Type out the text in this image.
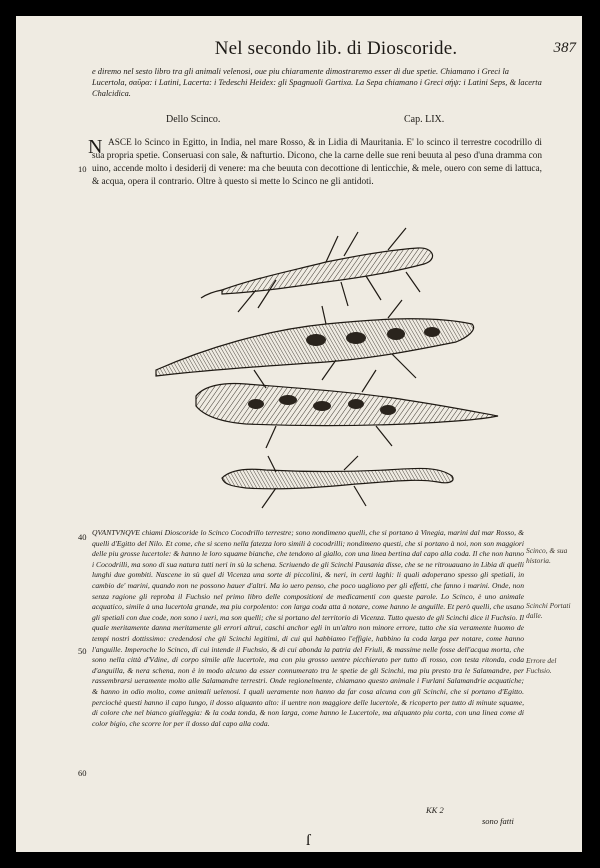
Nel secondo lib. di Dioscoride.	387

e diremo nel sesto libro tra gli animali velenosi, oue piu chiaramente dimostraremo esser di due spetie. Chiamano i Greci la Lucertola, σαῦρα: i Latini, Lacerta: i Tedeschi Heidex: gli Spagnuoli Gartixa. La Sepa chiamano i Greci σήψ: i Latini Seps, & lacerta Chalcidica.

Dello Scinco.	Cap. LIX.
10
N ASCE lo Scinco in Egitto, in India, nel mare Rosso, & in Lidia di Mauritania. E' lo scinco il terrestre cocodrillo di sua propria spetie. Conseruasi con sale, & nafturtio. Dicono, che la carne delle sue reni beuuta al peso d'una dramma con uino, accende molto i desiderij di venere: ma che beuuta con decottione di lenticchie, & mele, ouero con seme di lattuca, & acqua, opera il contrario. Oltre à questo si mette lo Scinco ne gli antidoti.

40
50
60

QVANTVNQVE chiami Dioscoride lo Scinco Cocodrillo terrestre; sono nondimeno quelli, che si portano à Vinegia, marini dal mar Rosso, & quelli d'Egitto del Nilo. Et come, che si sceno nella fatezza loro simili à cocodrilli; nondimeno questi, che si portano à noi, non son maggiori delle piu grosse lucertole: & hanno le loro squame bianche, che tendono al giallo, con una linea bertina dal capo alla coda. Il che non hanno i Cocodrilli, ma sono di sua natura tutti neri in sù la schena. Scriuendo de gli Scinchi Pausania disse, che se ne ritrouauano in Libia di quelli lunghi due gombiti. Nascene in sù quel di Vicenza una sorte di piccolini, & neri, in certi laghi: li quali adoperano spesso gli spetiali, in cambio de' marini, quando non ne possono hauer d'altri. Ma io uero penso, che poco uagliono per gli effetti, che fanno i marini. Onde, non senza ragione gli reproba il Fuchsio nel primo libro delle compositioni de medicamenti con queste parole. Lo Scinco, è uno animale acquatico, simile à una lucertola grande, ma piu corpolento: con larga coda atta à notare, come hanno le anguille. Et però quelli, che usano gli spetiali con due code, non sono i ueri, ma son quelli; che si portano del territorio di Vicenza. Tutto questo de gli Scinchi dice il Fuchsio. Il quale meritamente danna meritamente gli errori altrui, caschi anchor egli in un'altro non minore errore, tutto che sia veramente huomo de tempi nostri dottissimo: credendosi che gli Scinchi legitimi, di cui quì habbiamo l'effigie, habbino la coda larga per notare, come hanno l'anguille. Imperoche lo Scinco, di cui intende il Fuchsio, & di cui abonda la patria del Friuli, & massime nelle fosse dell'acqua morta, che sono nella città d'Vdine, di corpo simile alle lucertole, ma con piu grosso uentre picchierato per tutto di rosso, con testa ritonda, coda d'anguilla, & nera schena, non è in modo alcuno da esser connumerato tra le spetie de gli Scinchi, ma piu presto tra le Salamandre, per rassembrarsi ueramente molto alle Salamandre terrestri. Onde regionelmente, chiamano questo animale i Furlani Salamandrie acquatiche; & hanno in odio molto, come animali uelenosi. I quali ueramente non hanno da far cosa alcuna con gli Scinchi, che si portano d'Egitto. perciochè questi hanno il capo lungo, il dosso alquanto alto: il uentre non maggiore delle lucertole, & ricoperto per tutto di minute squame, di colore che nel bianco gialleggia: & la coda tonda, & non larga, come hanno le Lucertole, ma alquanto piu corta, con una linea come di color bigio, che scorre lor per il dosso dal capo alla coda.

Scinco, & sua historia.
Scinchi Portati dalle.
Errore del Fuchsio.
KK 2
sono fatti
ſ
